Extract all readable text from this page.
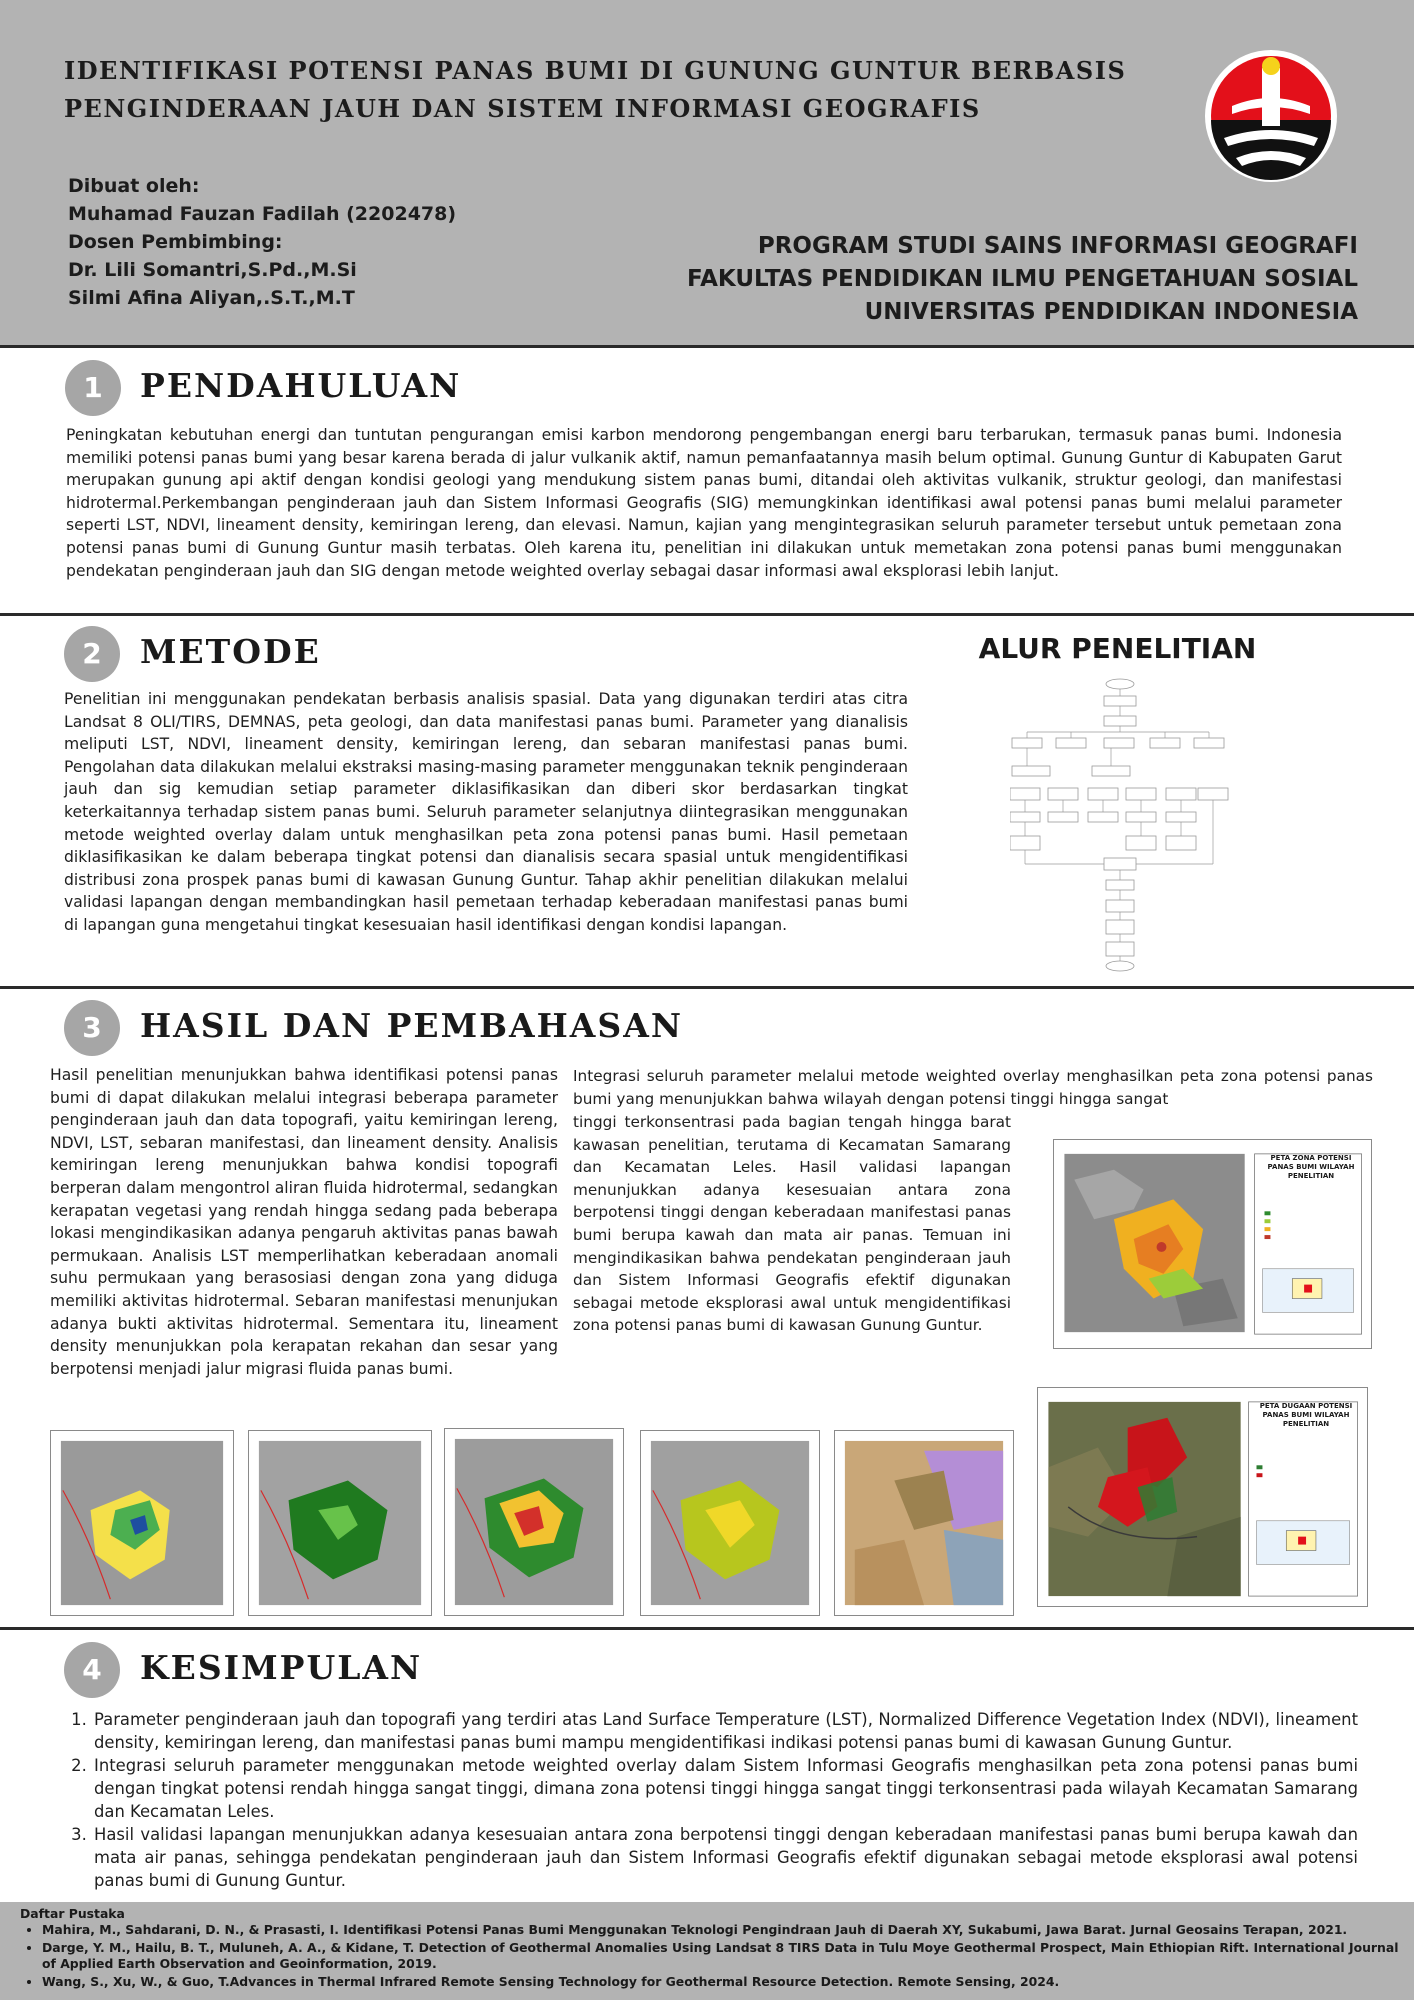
IDENTIFIKASI POTENSI PANAS BUMI DI GUNUNG GUNTUR BERBASIS
PENGINDERAAN JAUH DAN SISTEM INFORMASI GEOGRAFIS
Dibuat oleh:
Muhamad Fauzan Fadilah (2202478)
Dosen Pembimbing:
Dr. Lili Somantri,S.Pd.,M.Si
Silmi Afina Aliyan,.S.T.,M.T
PROGRAM STUDI SAINS INFORMASI GEOGRAFI
FAKULTAS PENDIDIKAN ILMU PENGETAHUAN SOSIAL
UNIVERSITAS PENDIDIKAN INDONESIA
1	PENDAHULUAN
Peningkatan kebutuhan energi dan tuntutan pengurangan emisi karbon mendorong pengembangan energi baru terbarukan, termasuk panas bumi. Indonesia memiliki potensi panas bumi yang besar karena berada di jalur vulkanik aktif, namun pemanfaatannya masih belum optimal. Gunung Guntur di Kabupaten Garut merupakan gunung api aktif dengan kondisi geologi yang mendukung sistem panas bumi, ditandai oleh aktivitas vulkanik, struktur geologi, dan manifestasi hidrotermal.Perkembangan penginderaan jauh dan Sistem Informasi Geografis (SIG) memungkinkan identifikasi awal potensi panas bumi melalui parameter seperti LST, NDVI, lineament density, kemiringan lereng, dan elevasi. Namun, kajian yang mengintegrasikan seluruh parameter tersebut untuk pemetaan zona potensi panas bumi di Gunung Guntur masih terbatas. Oleh karena itu, penelitian ini dilakukan untuk memetakan zona potensi panas bumi menggunakan pendekatan penginderaan jauh dan SIG dengan metode weighted overlay sebagai dasar informasi awal eksplorasi lebih lanjut.
2	METODE
Penelitian ini menggunakan pendekatan berbasis analisis spasial. Data yang digunakan terdiri atas citra Landsat 8 OLI/TIRS, DEMNAS, peta geologi, dan data manifestasi panas bumi. Parameter yang dianalisis meliputi LST, NDVI, lineament density, kemiringan lereng, dan sebaran manifestasi panas bumi. Pengolahan data dilakukan melalui ekstraksi masing-masing parameter menggunakan teknik penginderaan jauh dan sig kemudian setiap parameter diklasifikasikan dan diberi skor berdasarkan tingkat keterkaitannya terhadap sistem panas bumi. Seluruh parameter selanjutnya diintegrasikan menggunakan metode weighted overlay dalam untuk menghasilkan peta zona potensi panas bumi. Hasil pemetaan diklasifikasikan ke dalam beberapa tingkat potensi dan dianalisis secara spasial untuk mengidentifikasi distribusi zona prospek panas bumi di kawasan Gunung Guntur. Tahap akhir penelitian dilakukan melalui validasi lapangan dengan membandingkan hasil pemetaan terhadap keberadaan manifestasi panas bumi di lapangan guna mengetahui tingkat kesesuaian hasil identifikasi dengan kondisi lapangan.
ALUR PENELITIAN
3	HASIL DAN PEMBAHASAN
Hasil penelitian menunjukkan bahwa identifikasi potensi panas bumi di dapat dilakukan melalui integrasi beberapa parameter penginderaan jauh dan data topografi, yaitu kemiringan lereng, NDVI, LST, sebaran manifestasi, dan lineament density. Analisis kemiringan lereng menunjukkan bahwa kondisi topografi berperan dalam mengontrol aliran fluida hidrotermal, sedangkan kerapatan vegetasi yang rendah hingga sedang pada beberapa lokasi mengindikasikan adanya pengaruh aktivitas panas bawah permukaan. Analisis LST memperlihatkan keberadaan anomali suhu permukaan yang berasosiasi dengan zona yang diduga memiliki aktivitas hidrotermal. Sebaran manifestasi menunjukan adanya bukti aktivitas hidrotermal. Sementara itu, lineament density menunjukkan pola kerapatan rekahan dan sesar yang berpotensi menjadi jalur migrasi fluida panas bumi.
Integrasi seluruh parameter melalui metode weighted overlay menghasilkan peta zona potensi panas bumi yang menunjukkan bahwa wilayah dengan potensi tinggi hingga sangat
tinggi terkonsentrasi pada bagian tengah hingga barat kawasan penelitian, terutama di Kecamatan Samarang dan Kecamatan Leles. Hasil validasi lapangan menunjukkan adanya kesesuaian antara zona berpotensi tinggi dengan keberadaan manifestasi panas bumi berupa kawah dan mata air panas. Temuan ini mengindikasikan bahwa pendekatan penginderaan jauh dan Sistem Informasi Geografis efektif digunakan sebagai metode eksplorasi awal untuk mengidentifikasi zona potensi panas bumi di kawasan Gunung Guntur.
PETA ZONA POTENSI PANAS BUMI WILAYAH PENELITIAN
PETA DUGAAN POTENSI PANAS BUMI WILAYAH PENELITIAN
4	KESIMPULAN
1. Parameter penginderaan jauh dan topografi yang terdiri atas Land Surface Temperature (LST), Normalized Difference Vegetation Index (NDVI), lineament density, kemiringan lereng, dan manifestasi panas bumi mampu mengidentifikasi indikasi potensi panas bumi di kawasan Gunung Guntur.
2. Integrasi seluruh parameter menggunakan metode weighted overlay dalam Sistem Informasi Geografis menghasilkan peta zona potensi panas bumi dengan tingkat potensi rendah hingga sangat tinggi, dimana zona potensi tinggi hingga sangat tinggi terkonsentrasi pada wilayah Kecamatan Samarang dan Kecamatan Leles.
3. Hasil validasi lapangan menunjukkan adanya kesesuaian antara zona berpotensi tinggi dengan keberadaan manifestasi panas bumi berupa kawah dan mata air panas, sehingga pendekatan penginderaan jauh dan Sistem Informasi Geografis efektif digunakan sebagai metode eksplorasi awal potensi panas bumi di Gunung Guntur.
Daftar Pustaka
• Mahira, M., Sahdarani, D. N., & Prasasti, I. Identifikasi Potensi Panas Bumi Menggunakan Teknologi Pengindraan Jauh di Daerah XY, Sukabumi, Jawa Barat. Jurnal Geosains Terapan, 2021.
• Darge, Y. M., Hailu, B. T., Muluneh, A. A., & Kidane, T. Detection of Geothermal Anomalies Using Landsat 8 TIRS Data in Tulu Moye Geothermal Prospect, Main Ethiopian Rift. International Journal of Applied Earth Observation and Geoinformation, 2019.
• Wang, S., Xu, W., & Guo, T.Advances in Thermal Infrared Remote Sensing Technology for Geothermal Resource Detection. Remote Sensing, 2024.
